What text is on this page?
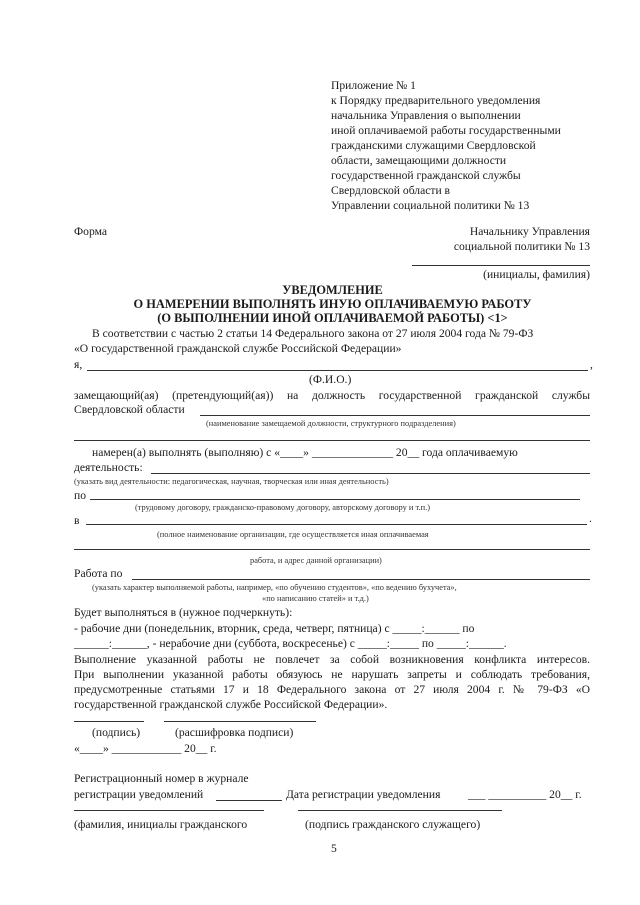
Приложение № 1
к Порядку предварительного уведомления
начальника Управления о выполнении
иной оплачиваемой работы государственными
гражданскими служащими Свердловской
области, замещающими должности
государственной гражданской службы
Свердловской области в
Управлении социальной политики № 13
Форма	Начальнику Управления
социальной политики № 13
(инициалы, фамилия)
УВЕДОМЛЕНИЕ
О НАМЕРЕНИИ ВЫПОЛНЯТЬ ИНУЮ ОПЛАЧИВАЕМУЮ РАБОТУ
(О ВЫПОЛНЕНИИ ИНОЙ ОПЛАЧИВАЕМОЙ РАБОТЫ) <1>
В соответствии с частью 2 статьи 14 Федерального закона от 27 июля 2004 года № 79-ФЗ
«О государственной гражданской службе Российской Федерации»
я,	,
(Ф.И.О.)
замещающий(ая) (претендующий(ая)) на должность государственной гражданской службы
Свердловской области
(наименование замещаемой должности, структурного подразделения)
намерен(а) выполнять (выполняю) с «____» ______________ 20__ года оплачиваемую
деятельность:
(указать вид деятельности: педагогическая, научная, творческая или иная деятельность)
по
(трудовому договору, гражданско-правовому договору, авторскому договору и т.п.)
в	.
(полное наименование организации, где осуществляется иная оплачиваемая
работа, и адрес данной организации)
Работа по
(указать характер выполняемой работы, например, «по обучению студентов», «по ведению бухучета»,
«по написанию статей» и т.д.)
Будет выполняться в (нужное подчеркнуть):
- рабочие дни (понедельник, вторник, среда, четверг, пятница) с _____:______ по
______:______, - нерабочие дни (суббота, воскресенье) с _____:_____ по _____:______.
Выполнение указанной работы не повлечет за собой возникновения конфликта интересов.
При выполнении указанной работы обязуюсь не нарушать запреты и соблюдать требования,
предусмотренные статьями 17 и 18 Федерального закона от 27 июля 2004 г. № 79-ФЗ «О
государственной гражданской службе Российской Федерации».
(подпись)	(расшифровка подписи)
«____» ____________ 20__ г.
Регистрационный номер в журнале
регистрации уведомлений	Дата регистрации уведомления ___ __________ 20__ г.
(фамилия, инициалы гражданского	(подпись гражданского служащего)
5
